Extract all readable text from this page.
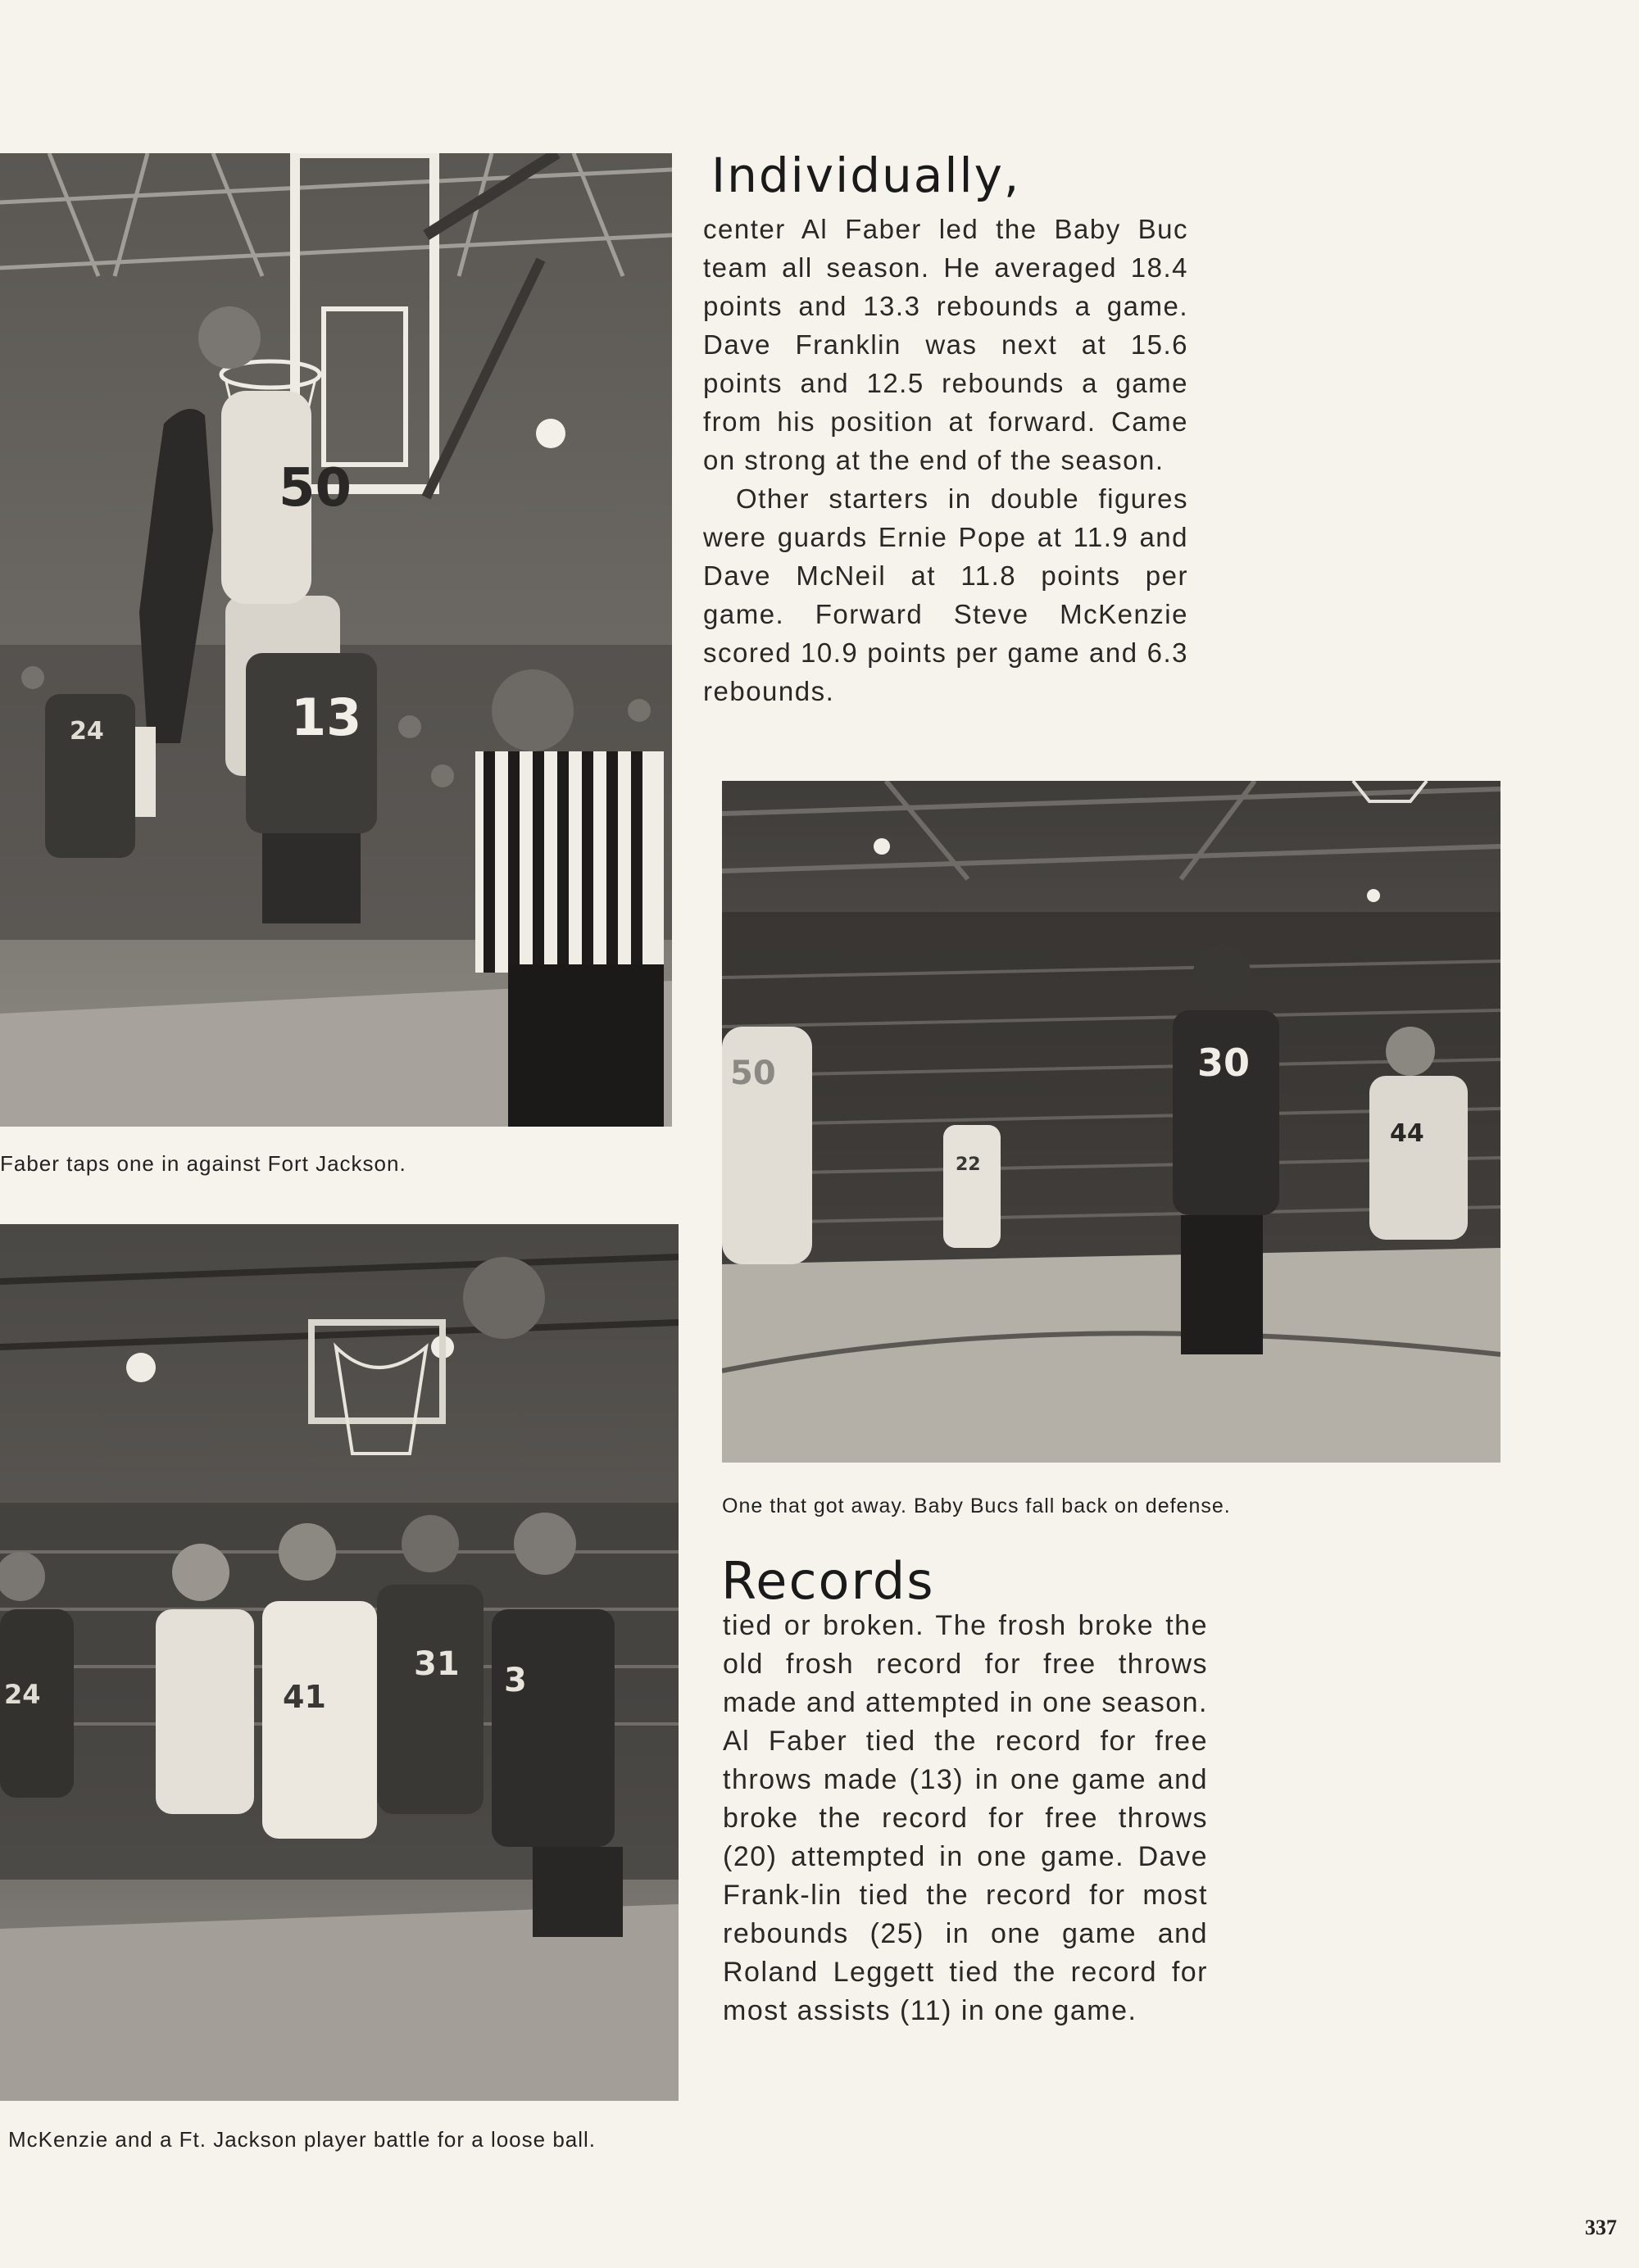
50
13
24
Faber taps one in against Fort Jackson.
31
24	41	3
McKenzie and a Ft. Jackson player battle for a loose ball.
30
44
50
22
One that got away. Baby Bucs fall back on defense.
Individually,

center Al Faber led the Baby Buc team all season. He averaged 18.4 points and 13.3 rebounds a game. Dave Franklin was next at 15.6 points and 12.5 rebounds a game from his position at forward. Came on strong at the end of the season.

Other starters in double figures were guards Ernie Pope at 11.9 and Dave McNeil at 11.8 points per game. Forward Steve McKenzie scored 10.9 points per game and 6.3 rebounds.

Records

tied or broken. The frosh broke the old frosh record for free throws made and attempted in one season. Al Faber tied the record for free throws made (13) in one game and broke the record for free throws (20) attempted in one game. Dave Frank-lin tied the record for most rebounds (25) in one game and Roland Leggett tied the record for most assists (11) in one game.

337
